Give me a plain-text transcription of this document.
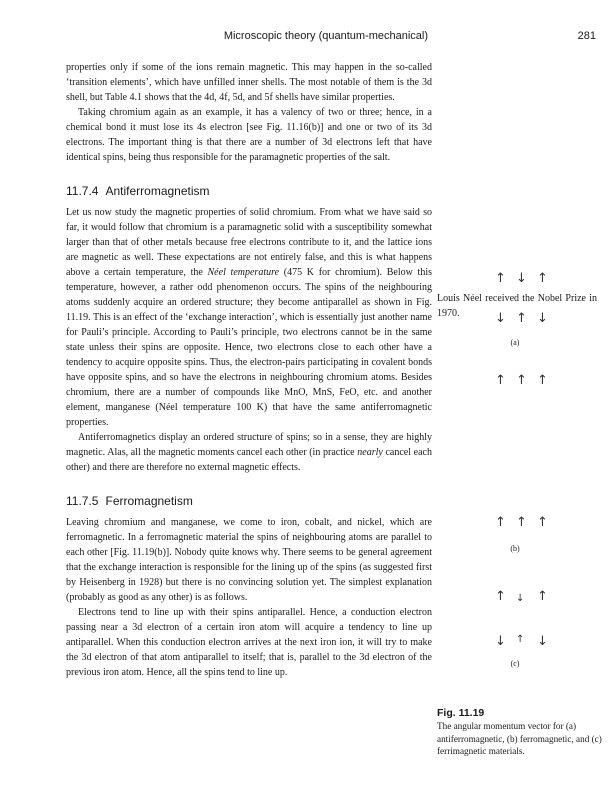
Microscopic theory (quantum-mechanical)	281

properties only if some of the ions remain magnetic. This may happen in the so-called ‘transition elements’, which have unfilled inner shells. The most notable of them is the 3d shell, but Table 4.1 shows that the 4d, 4f, 5d, and 5f shells have similar properties.

Taking chromium again as an example, it has a valency of two or three; hence, in a chemical bond it must lose its 4s electron [see Fig. 11.16(b)] and one or two of its 3d electrons. The important thing is that there are a number of 3d electrons left that have identical spins, being thus responsible for the paramagnetic properties of the salt.

11.7.4 Antiferromagnetism

Let us now study the magnetic properties of solid chromium. From what we have said so far, it would follow that chromium is a paramagnetic solid with a susceptibility somewhat larger than that of other metals because free electrons contribute to it, and the lattice ions are magnetic as well. These expectations are not entirely false, and this is what happens above a certain temperature, the Néel temperature (475 K for chromium). Below this temperature, however, a rather odd phenomenon occurs. The spins of the neighbouring atoms suddenly acquire an ordered structure; they become antiparallel as shown in Fig. 11.19. This is an effect of the ‘exchange interaction’, which is essentially just another name for Pauli’s principle. According to Pauli’s principle, two electrons cannot be in the same state unless their spins are opposite. Hence, two electrons close to each other have a tendency to acquire opposite spins. Thus, the electron-pairs participating in covalent bonds have opposite spins, and so have the electrons in neighbouring chromium atoms. Besides chromium, there are a number of compounds like MnO, MnS, FeO, etc. and another element, manganese (Néel temperature 100 K) that have the same antiferromagnetic properties.

Antiferromagnetics display an ordered structure of spins; so in a sense, they are highly magnetic. Alas, all the magnetic moments cancel each other (in practice nearly cancel each other) and there are therefore no external magnetic effects.

11.7.5 Ferromagnetism

Leaving chromium and manganese, we come to iron, cobalt, and nickel, which are ferromagnetic. In a ferromagnetic material the spins of neighbouring atoms are parallel to each other [Fig. 11.19(b)]. Nobody quite knows why. There seems to be general agreement that the exchange interaction is responsible for the lining up of the spins (as suggested first by Heisenberg in 1928) but there is no convincing solution yet. The simplest explanation (probably as good as any other) is as follows.

Electrons tend to line up with their spins antiparallel. Hence, a conduction electron passing near a 3d electron of a certain iron atom will acquire a tendency to line up antiparallel. When this conduction electron arrives at the next iron ion, it will try to make the 3d electron of that atom antiparallel to itself; that is, parallel to the 3d electron of the previous iron atom. Hence, all the spins tend to line up.

Louis Néel received the Nobel Prize in 1970.
↑
↓
↑
↓
↑
↓
(a)
↑
↑
↑
↑
↑
↑
(b)
↑
↓
↑
↓
↑
↓
(c)
Fig. 11.19
The angular momentum vector for (a) antiferromagnetic, (b) ferromagnetic, and (c) ferrimagnetic materials.
